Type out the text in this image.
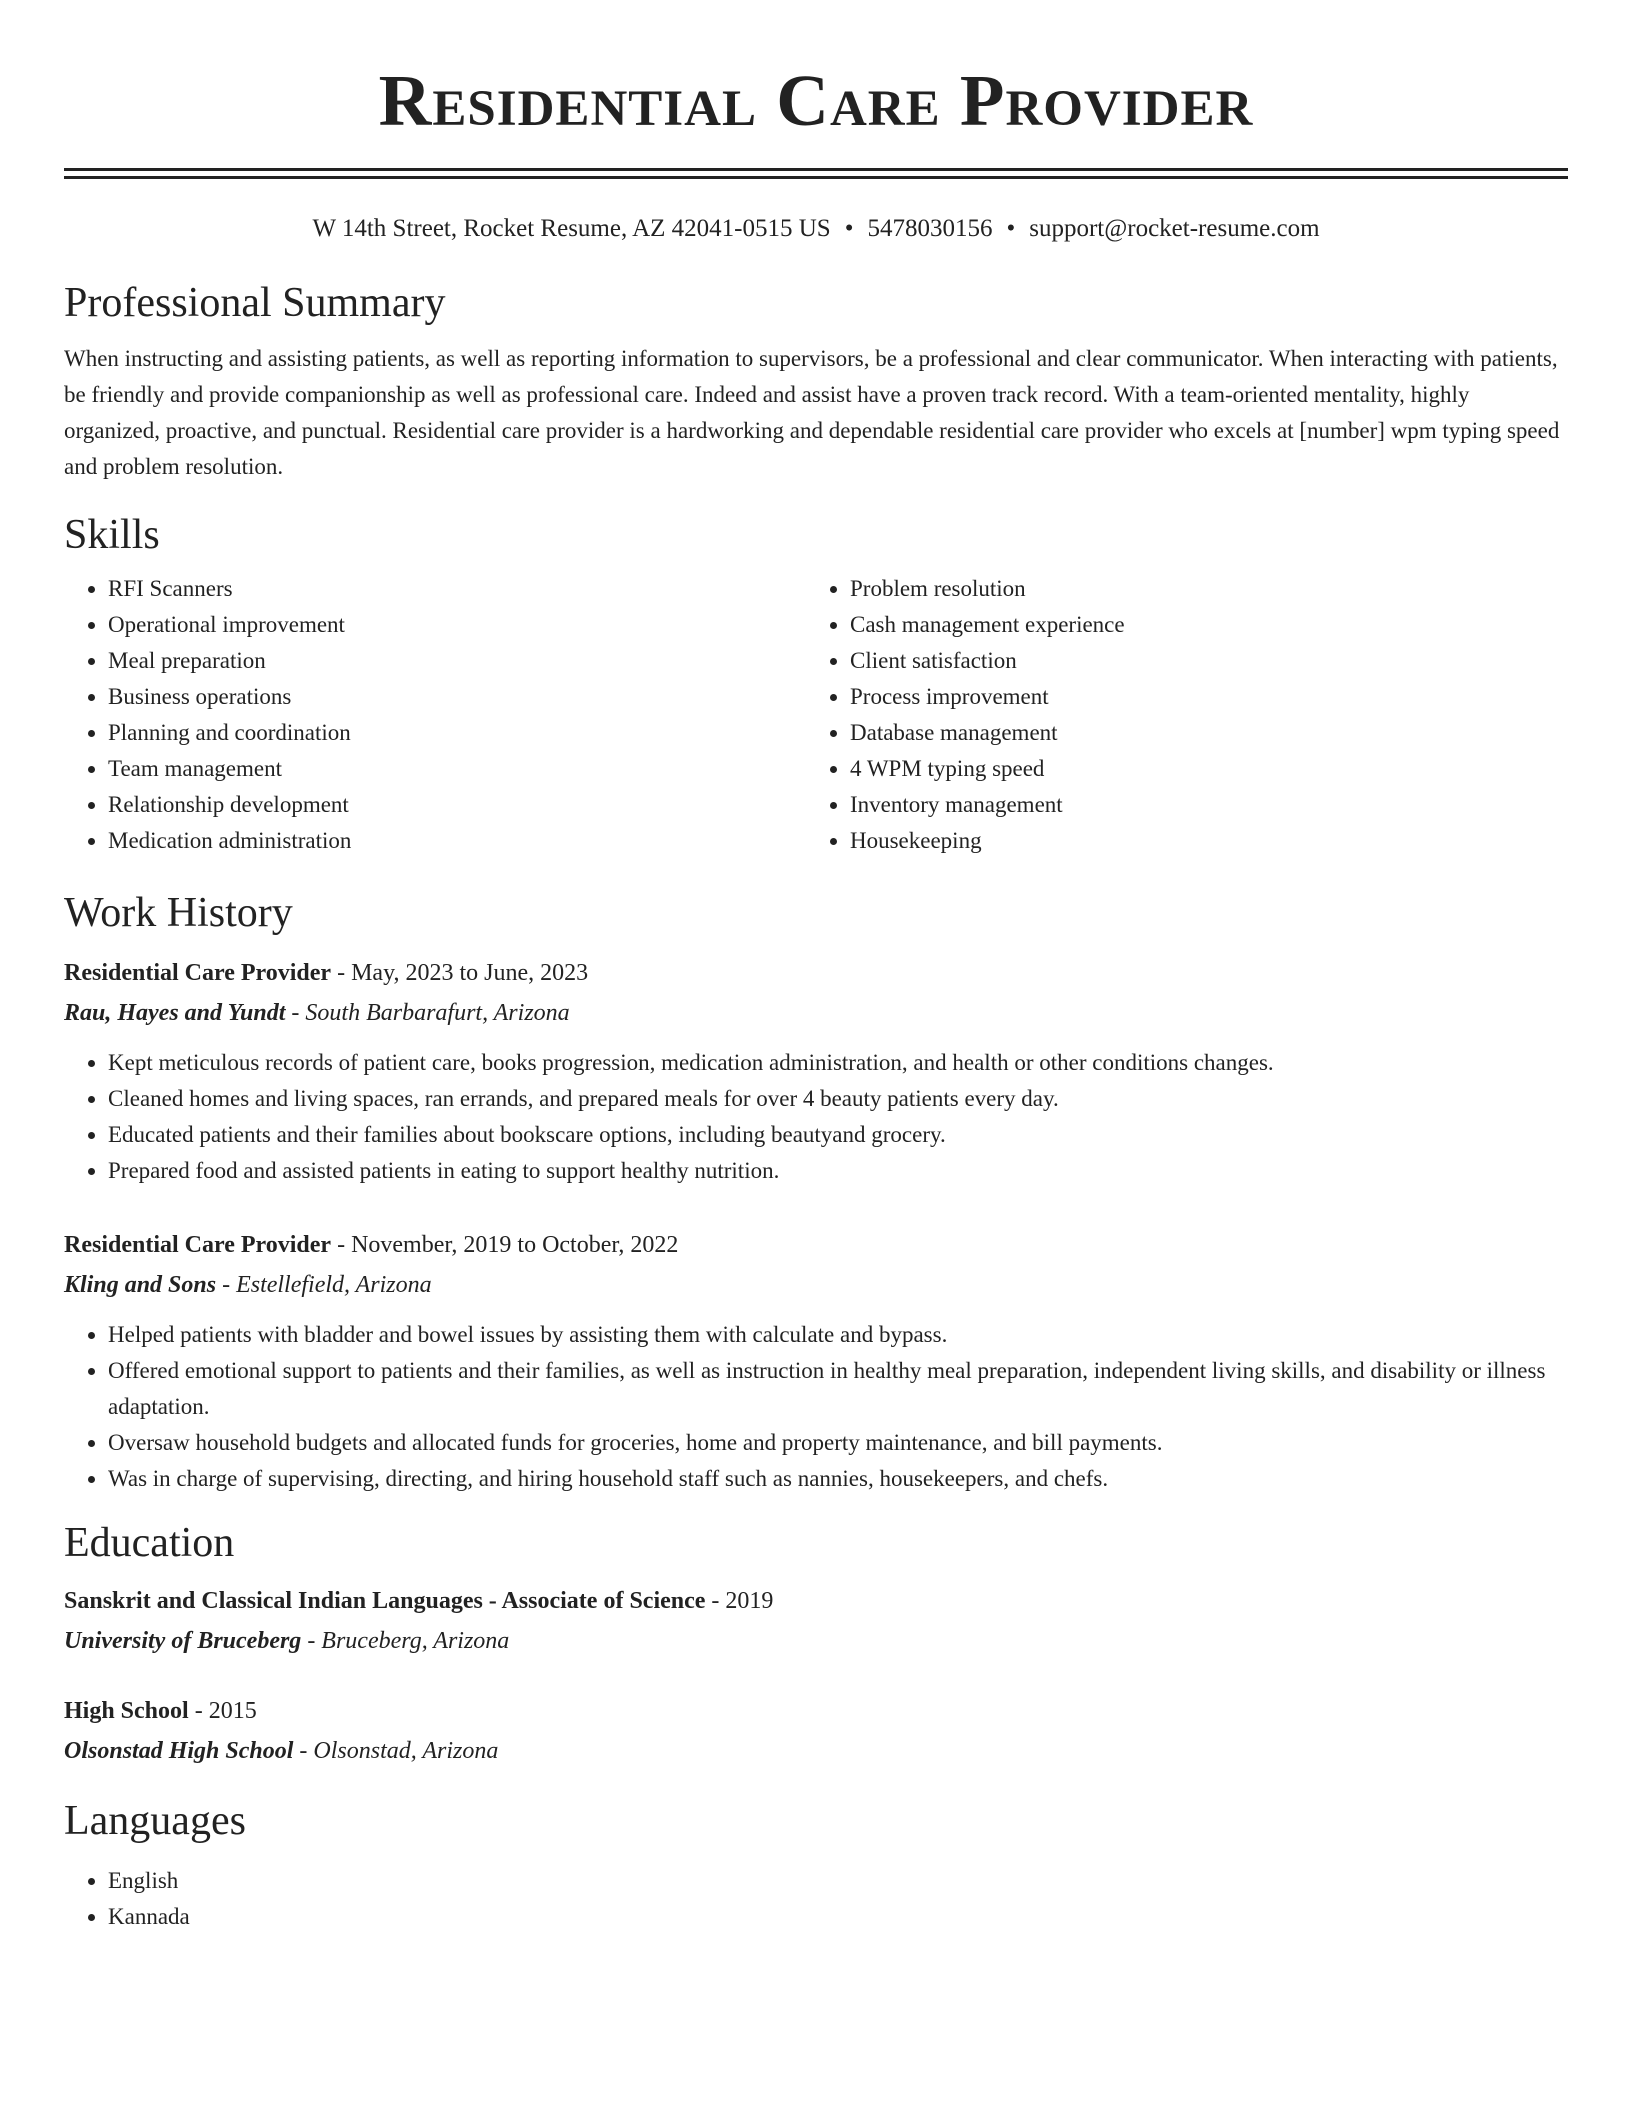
Residential Care Provider
W 14th Street, Rocket Resume, AZ 42041-0515 US • 5478030156 • support@rocket-resume.com
Professional Summary
When instructing and assisting patients, as well as reporting information to supervisors, be a professional and clear communicator. When interacting with patients, be friendly and provide companionship as well as professional care. Indeed and assist have a proven track record. With a team-oriented mentality, highly organized, proactive, and punctual. Residential care provider is a hardworking and dependable residential care provider who excels at [number] wpm typing speed and problem resolution.
Skills
• RFI Scanners
• Operational improvement
• Meal preparation
• Business operations
• Planning and coordination
• Team management
• Relationship development
• Medication administration
• Problem resolution
• Cash management experience
• Client satisfaction
• Process improvement
• Database management
• 4 WPM typing speed
• Inventory management
• Housekeeping
Work History
Residential Care Provider - May, 2023 to June, 2023
Rau, Hayes and Yundt - South Barbarafurt, Arizona
• Kept meticulous records of patient care, books progression, medication administration, and health or other conditions changes.
• Cleaned homes and living spaces, ran errands, and prepared meals for over 4 beauty patients every day.
• Educated patients and their families about bookscare options, including beautyand grocery.
• Prepared food and assisted patients in eating to support healthy nutrition.
Residential Care Provider - November, 2019 to October, 2022
Kling and Sons - Estellefield, Arizona
• Helped patients with bladder and bowel issues by assisting them with calculate and bypass.
• Offered emotional support to patients and their families, as well as instruction in healthy meal preparation, independent living skills, and disability or illness adaptation.
• Oversaw household budgets and allocated funds for groceries, home and property maintenance, and bill payments.
• Was in charge of supervising, directing, and hiring household staff such as nannies, housekeepers, and chefs.
Education
Sanskrit and Classical Indian Languages - Associate of Science - 2019
University of Bruceberg - Bruceberg, Arizona
High School - 2015
Olsonstad High School - Olsonstad, Arizona
Languages
• English
• Kannada
